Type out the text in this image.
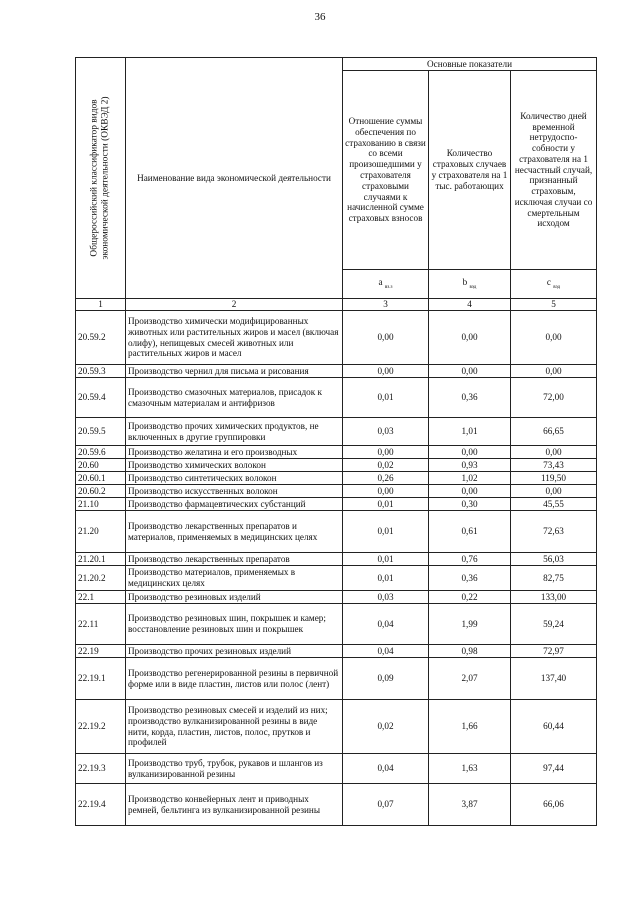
36
Общероссийский классификатор видов экономической деятельности (ОКВЭД 2)	Наименование вида экономической деятельности	Основные показатели		
		Отношение суммы обеспечения по страхованию в связи со всеми произошедшими у страхователя страховыми случаями к начисленной сумме страховых взносов	Количество страховых случаев у страхователя на 1 тыс. работающих	Количество дней временной нетрудоспо-собности у страхователя на 1 несчастный случай, признанный страховым, исключая случаи со смертельным исходом
		a $_{вз.з}$	b $_{вэд}$	c $_{вэд}$
1	2	3	4	5
20.59.2	Производство химически модифицированных животных или растительных жиров и масел (включая олифу), непищевых смесей животных или растительных жиров и масел	0,00	0,00	0,00
20.59.3	Производство чернил для письма и рисования	0,00	0,00	0,00
20.59.4	Производство смазочных материалов, присадок к смазочным материалам и антифризов	0,01	0,36	72,00
20.59.5	Производство прочих химических продуктов, не включенных в другие группировки	0,03	1,01	66,65
20.59.6	Производство желатина и его производных	0,00	0,00	0,00
20.60	Производство химических волокон	0,02	0,93	73,43
20.60.1	Производство синтетических волокон	0,26	1,02	119,50
20.60.2	Производство искусственных волокон	0,00	0,00	0,00
21.10	Производство фармацевтических субстанций	0,01	0,30	45,55
21.20	Производство лекарственных препаратов и материалов, применяемых в медицинских целях	0,01	0,61	72,63
21.20.1	Производство лекарственных препаратов	0,01	0,76	56,03
21.20.2	Производство материалов, применяемых в медицинских целях	0,01	0,36	82,75
22.1	Производство резиновых изделий	0,03	0,22	133,00
22.11	Производство резиновых шин, покрышек и камер; восстановление резиновых шин и покрышек	0,04	1,99	59,24
22.19	Производство прочих резиновых изделий	0,04	0,98	72,97
22.19.1	Производство регенерированной резины в первичной форме или в виде пластин, листов или полос (лент)	0,09	2,07	137,40
22.19.2	Производство резиновых смесей и изделий из них; производство вулканизированной резины в виде нити, корда, пластин, листов, полос, прутков и профилей	0,02	1,66	60,44
22.19.3	Производство труб, трубок, рукавов и шлангов из вулканизированной резины	0,04	1,63	97,44
22.19.4	Производство конвейерных лент и приводных ремней, бельтинга из вулканизированной резины	0,07	3,87	66,06
